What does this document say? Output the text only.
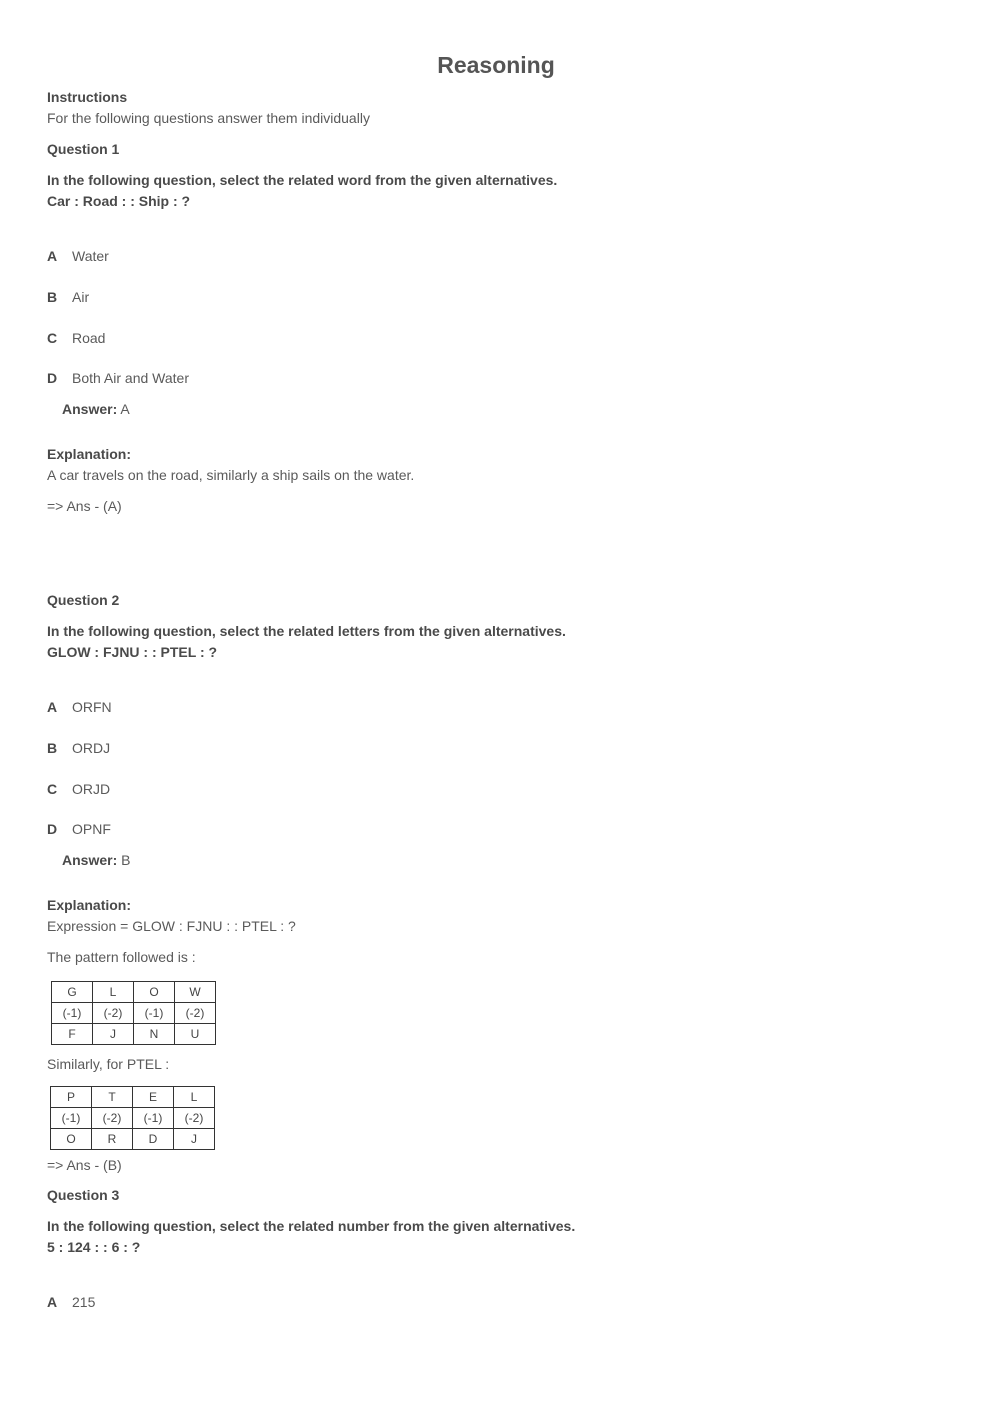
Reasoning
Instructions
For the following questions answer them individually
Question 1
In the following question, select the related word from the given alternatives.
Car : Road : : Ship : ?
A Water
B Air
C Road
D Both Air and Water
Answer: A
Explanation:
A car travels on the road, similarly a ship sails on the water.
=> Ans - (A)
Question 2
In the following question, select the related letters from the given alternatives.
GLOW : FJNU : : PTEL : ?
A ORFN
B ORDJ
C ORJD
D OPNF
Answer: B
Explanation:
Expression = GLOW : FJNU : : PTEL : ?
The pattern followed is :
G	L	O	W
(-1)	(-2)	(-1)	(-2)
F	J	N	U
Similarly, for PTEL :
P	T	E	L
(-1)	(-2)	(-1)	(-2)
O	R	D	J
=> Ans - (B)
Question 3
In the following question, select the related number from the given alternatives.
5 : 124 : : 6 : ?
A 215
